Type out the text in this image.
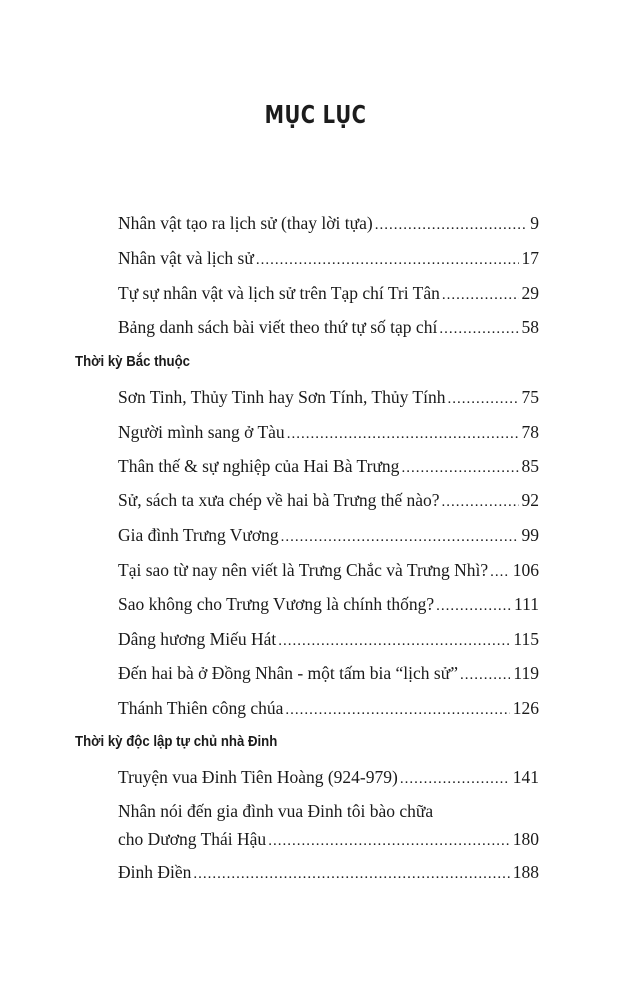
MỤC LỤC
Nhân vật tạo ra lịch sử (thay lời tựa) .....	9
Nhân vật và lịch sử .....	17
Tự sự nhân vật và lịch sử trên Tạp chí Tri Tân .....	29
Bảng danh sách bài viết theo thứ tự số tạp chí .....	58
Thời kỳ Bắc thuộc
Sơn Tinh, Thủy Tinh hay Sơn Tính, Thủy Tính .....	75
Người mình sang ở Tàu .....	78
Thân thế & sự nghiệp của Hai Bà Trưng .....	85
Sử, sách ta xưa chép về hai bà Trưng thế nào? .....	92
Gia đình Trưng Vương .....	99
Tại sao từ nay nên viết là Trưng Chắc và Trưng Nhì? ..... 106
Sao không cho Trưng Vương là chính thống? .....	111
Dâng hương Miếu Hát .....	115
Đến hai bà ở Đồng Nhân - một tấm bia “lịch sử” .....	119
Thánh Thiên công chúa .....	126
Thời kỳ độc lập tự chủ nhà Đinh
Truyện vua Đinh Tiên Hoàng (924-979) .....	141
Nhân nói đến gia đình vua Đinh tôi bào chữa
cho Dương Thái Hậu .....	180
Đinh Điền .....	188
